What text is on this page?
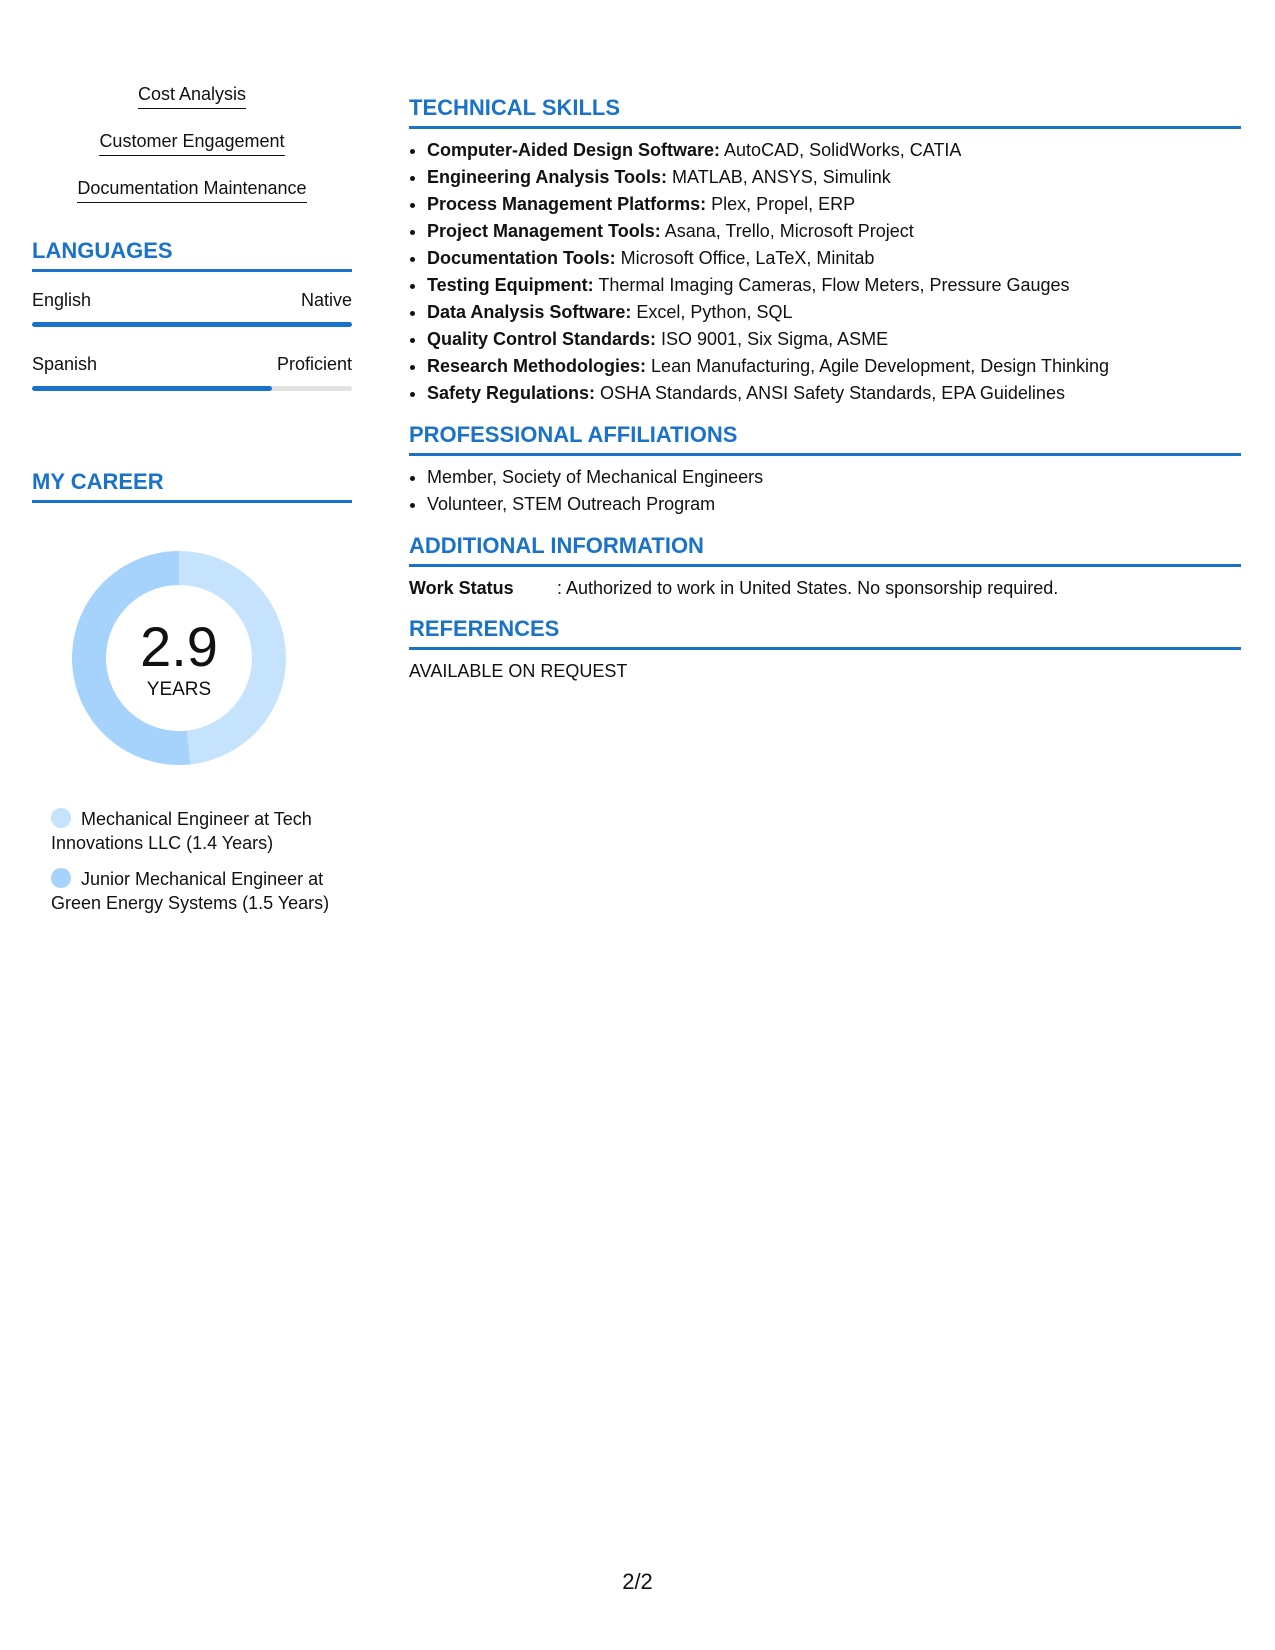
Cost Analysis
Customer Engagement
Documentation Maintenance
LANGUAGES
English	Native
Spanish	Proficient
MY CAREER
2.9
YEARS
Mechanical Engineer at Tech Innovations LLC (1.4 Years)
Junior Mechanical Engineer at Green Energy Systems (1.5 Years)
TECHNICAL SKILLS
• Computer-Aided Design Software: AutoCAD, SolidWorks, CATIA
• Engineering Analysis Tools: MATLAB, ANSYS, Simulink
• Process Management Platforms: Plex, Propel, ERP
• Project Management Tools: Asana, Trello, Microsoft Project
• Documentation Tools: Microsoft Office, LaTeX, Minitab
• Testing Equipment: Thermal Imaging Cameras, Flow Meters, Pressure Gauges
• Data Analysis Software: Excel, Python, SQL
• Quality Control Standards: ISO 9001, Six Sigma, ASME
• Research Methodologies: Lean Manufacturing, Agile Development, Design Thinking
• Safety Regulations: OSHA Standards, ANSI Safety Standards, EPA Guidelines
PROFESSIONAL AFFILIATIONS
• Member, Society of Mechanical Engineers
• Volunteer, STEM Outreach Program
ADDITIONAL INFORMATION
Work Status	: Authorized to work in United States. No sponsorship required.
REFERENCES
AVAILABLE ON REQUEST
2/2
